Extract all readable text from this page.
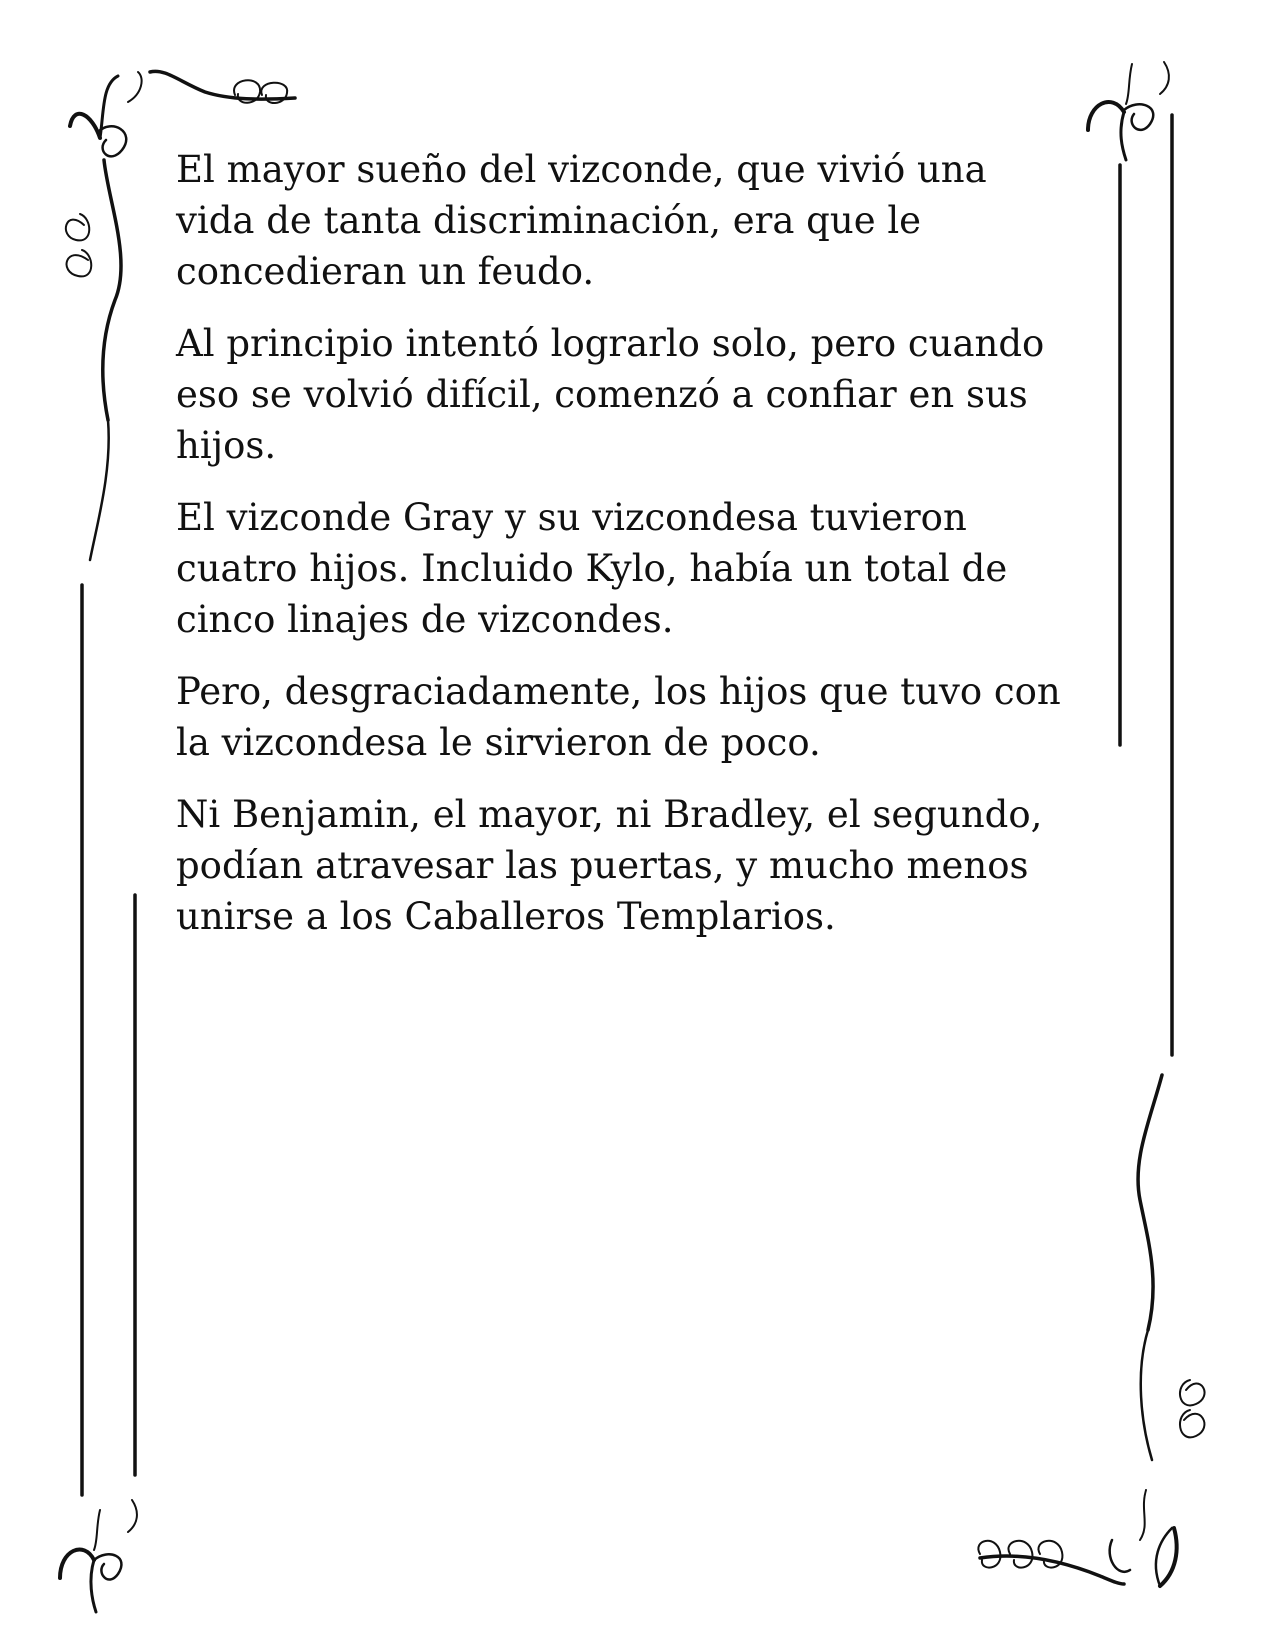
El mayor sueño del vizconde, que vivió una
vida de tanta discriminación, era que le
concedieran un feudo.

Al principio intentó lograrlo solo, pero cuando
eso se volvió difícil, comenzó a confiar en sus
hijos.

El vizconde Gray y su vizcondesa tuvieron
cuatro hijos. Incluido Kylo, había un total de
cinco linajes de vizcondes.

Pero, desgraciadamente, los hijos que tuvo con
la vizcondesa le sirvieron de poco.

Ni Benjamin, el mayor, ni Bradley, el segundo,
podían atravesar las puertas, y mucho menos
unirse a los Caballeros Templarios.
